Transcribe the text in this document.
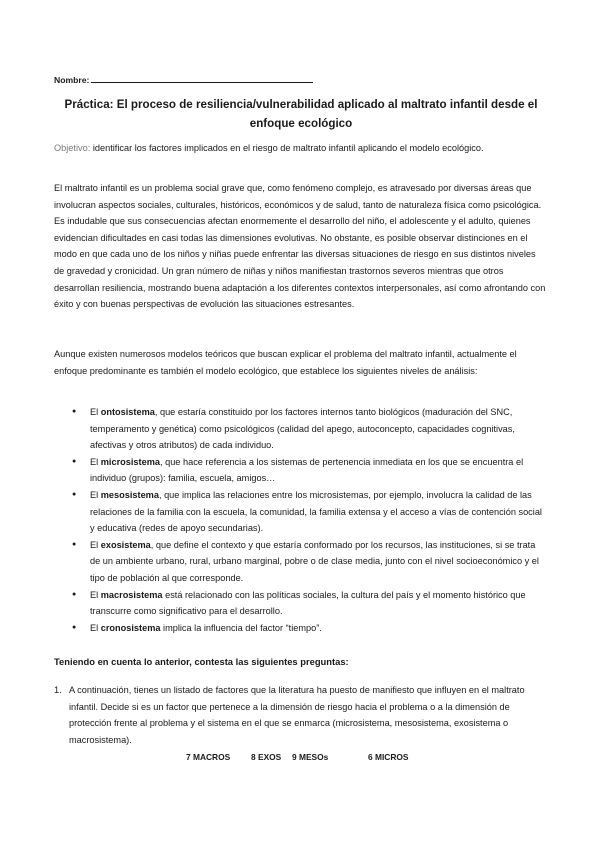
Nombre:
Práctica: El proceso de resiliencia/vulnerabilidad aplicado al maltrato infantil desde el enfoque ecológico
Objetivo: identificar los factores implicados en el riesgo de maltrato infantil aplicando el modelo ecológico.
El maltrato infantil es un problema social grave que, como fenómeno complejo, es atravesado por diversas áreas que involucran aspectos sociales, culturales, históricos, económicos y de salud, tanto de naturaleza física como psicológica. Es indudable que sus consecuencias afectan enormemente el desarrollo del niño, el adolescente y el adulto, quienes evidencian dificultades en casi todas las dimensiones evolutivas. No obstante, es posible observar distinciones en el modo en que cada uno de los niños y niñas puede enfrentar las diversas situaciones de riesgo en sus distintos niveles de gravedad y cronicidad. Un gran número de niñas y niños manifiestan trastornos severos mientras que otros desarrollan resiliencia, mostrando buena adaptación a los diferentes contextos interpersonales, así como afrontando con éxito y con buenas perspectivas de evolución las situaciones estresantes.
Aunque existen numerosos modelos teóricos que buscan explicar el problema del maltrato infantil, actualmente el enfoque predominante es también el modelo ecológico, que establece los siguientes niveles de análisis:
● El ontosistema, que estaría constituido por los factores internos tanto biológicos (maduración del SNC, temperamento y genética) como psicológicos (calidad del apego, autoconcepto, capacidades cognitivas, afectivas y otros atributos) de cada individuo.
● El microsistema, que hace referencia a los sistemas de pertenencia inmediata en los que se encuentra el individuo (grupos): familia, escuela, amigos…
● El mesosistema, que implica las relaciones entre los microsistemas, por ejemplo, involucra la calidad de las relaciones de la familia con la escuela, la comunidad, la familia extensa y el acceso a vías de contención social y educativa (redes de apoyo secundarias).
● El exosistema, que define el contexto y que estaría conformado por los recursos, las instituciones, si se trata de un ambiente urbano, rural, urbano marginal, pobre o de clase media, junto con el nivel socioeconómico y el tipo de población al que corresponde.
● El macrosistema está relacionado con las políticas sociales, la cultura del país y el momento histórico que transcurre como significativo para el desarrollo.
● El cronosistema implica la influencia del factor “tiempo”.
Teniendo en cuenta lo anterior, contesta las siguientes preguntas:
1. A continuación, tienes un listado de factores que la literatura ha puesto de manifiesto que influyen en el maltrato infantil. Decide si es un factor que pertenece a la dimensión de riesgo hacia el problema o a la dimensión de protección frente al problema y el sistema en el que se enmarca (microsistema, mesosistema, exosistema o macrosistema).

7 MACROS

8 EXOS

9 MESOs

	6 MICROS
